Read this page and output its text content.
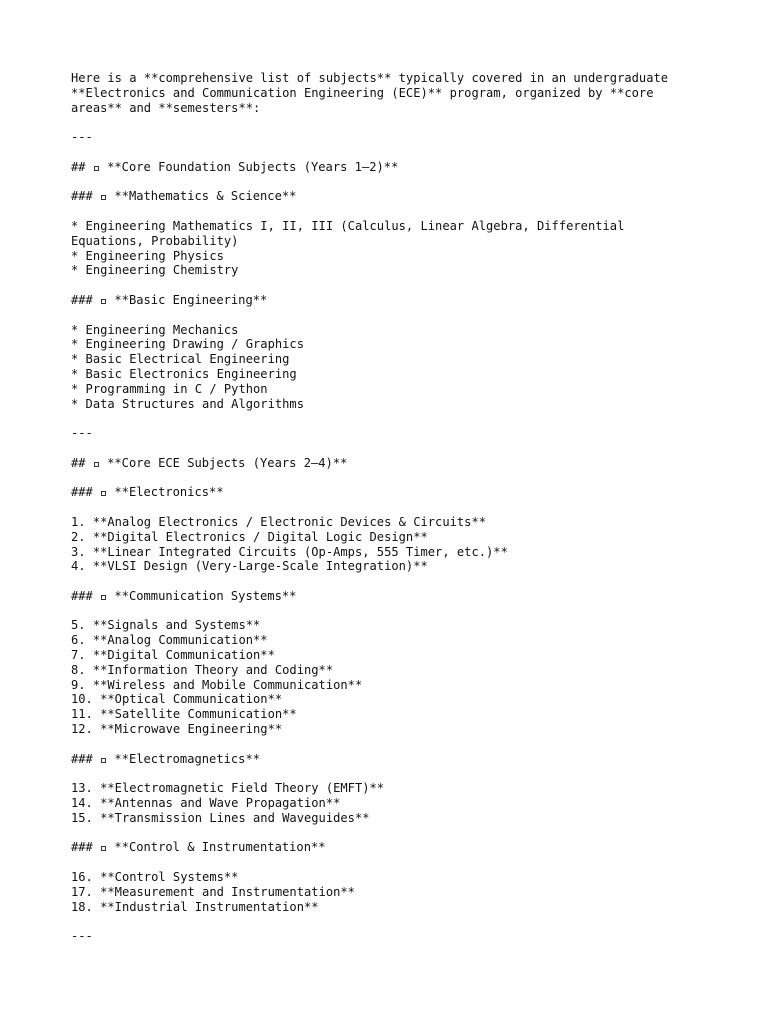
Here is a **comprehensive list of subjects** typically covered in an undergraduate
**Electronics and Communication Engineering (ECE)** program, organized by **core
areas** and **semesters**:
---
## **Core Foundation Subjects (Years 1–2)**
### **Mathematics & Science**
* Engineering Mathematics I, II, III (Calculus, Linear Algebra, Differential
Equations, Probability)
* Engineering Physics
* Engineering Chemistry
### **Basic Engineering**
* Engineering Mechanics
* Engineering Drawing / Graphics
* Basic Electrical Engineering
* Basic Electronics Engineering
* Programming in C / Python
* Data Structures and Algorithms
---
## **Core ECE Subjects (Years 2–4)**
### **Electronics**
1. **Analog Electronics / Electronic Devices & Circuits**
2. **Digital Electronics / Digital Logic Design**
3. **Linear Integrated Circuits (Op-Amps, 555 Timer, etc.)**
4. **VLSI Design (Very-Large-Scale Integration)**
### **Communication Systems**
5. **Signals and Systems**
6. **Analog Communication**
7. **Digital Communication**
8. **Information Theory and Coding**
9. **Wireless and Mobile Communication**
10. **Optical Communication**
11. **Satellite Communication**
12. **Microwave Engineering**
### **Electromagnetics**
13. **Electromagnetic Field Theory (EMFT)**
14. **Antennas and Wave Propagation**
15. **Transmission Lines and Waveguides**
### **Control & Instrumentation**
16. **Control Systems**
17. **Measurement and Instrumentation**
18. **Industrial Instrumentation**
---
